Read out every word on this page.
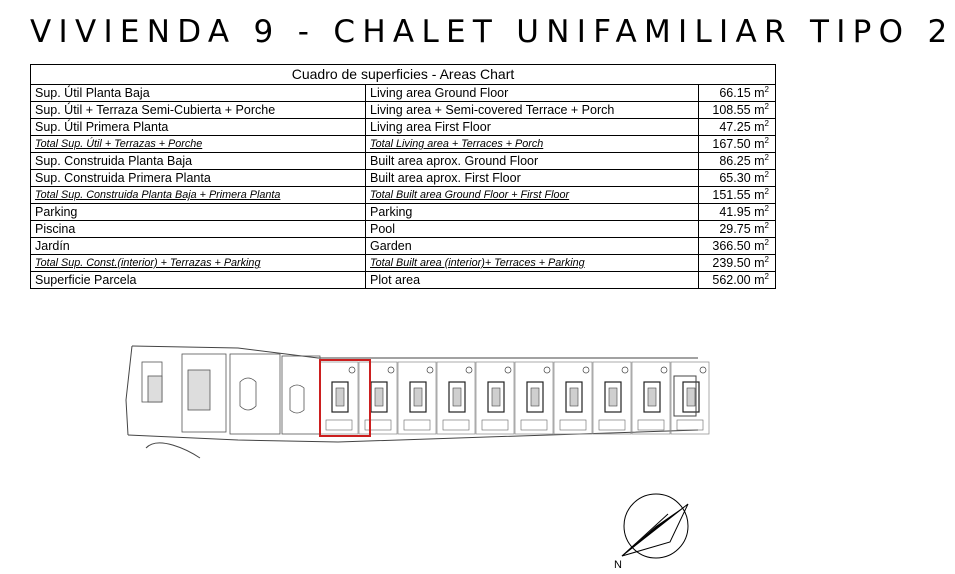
VIVIENDA 9 - CHALET UNIFAMILIAR TIPO 2
Cuadro de superficies - Areas Chart		
Sup. Útil Planta Baja	Living area Ground Floor	66.15 $m^2$
Sup. Útil + Terraza Semi-Cubierta + Porche	Living area + Semi-covered Terrace + Porch	108.55 $m^2$
Sup. Útil Primera Planta	Living area First Floor	47.25 $m^2$
Total Sup. Útil + Terrazas + Porche	Total Living area + Terraces + Porch	167.50 $m^2$
Sup. Construida Planta Baja	Built area aprox. Ground Floor	86.25 $m^2$
Sup. Construida Primera Planta	Built area aprox. First Floor	65.30 $m^2$
Total Sup. Construida Planta Baja + Primera Planta	Total Built area Ground Floor + First Floor	151.55 $m^2$
Parking	Parking	41.95 $m^2$
Piscina	Pool	29.75 $m^2$
Jardín	Garden	366.50 $m^2$
Total Sup. Const.(interior) + Terrazas + Parking	Total Built area (interior)+ Terraces + Parking	239.50 $m^2$
Superficie Parcela	Plot area	562.00 $m^2$
N
